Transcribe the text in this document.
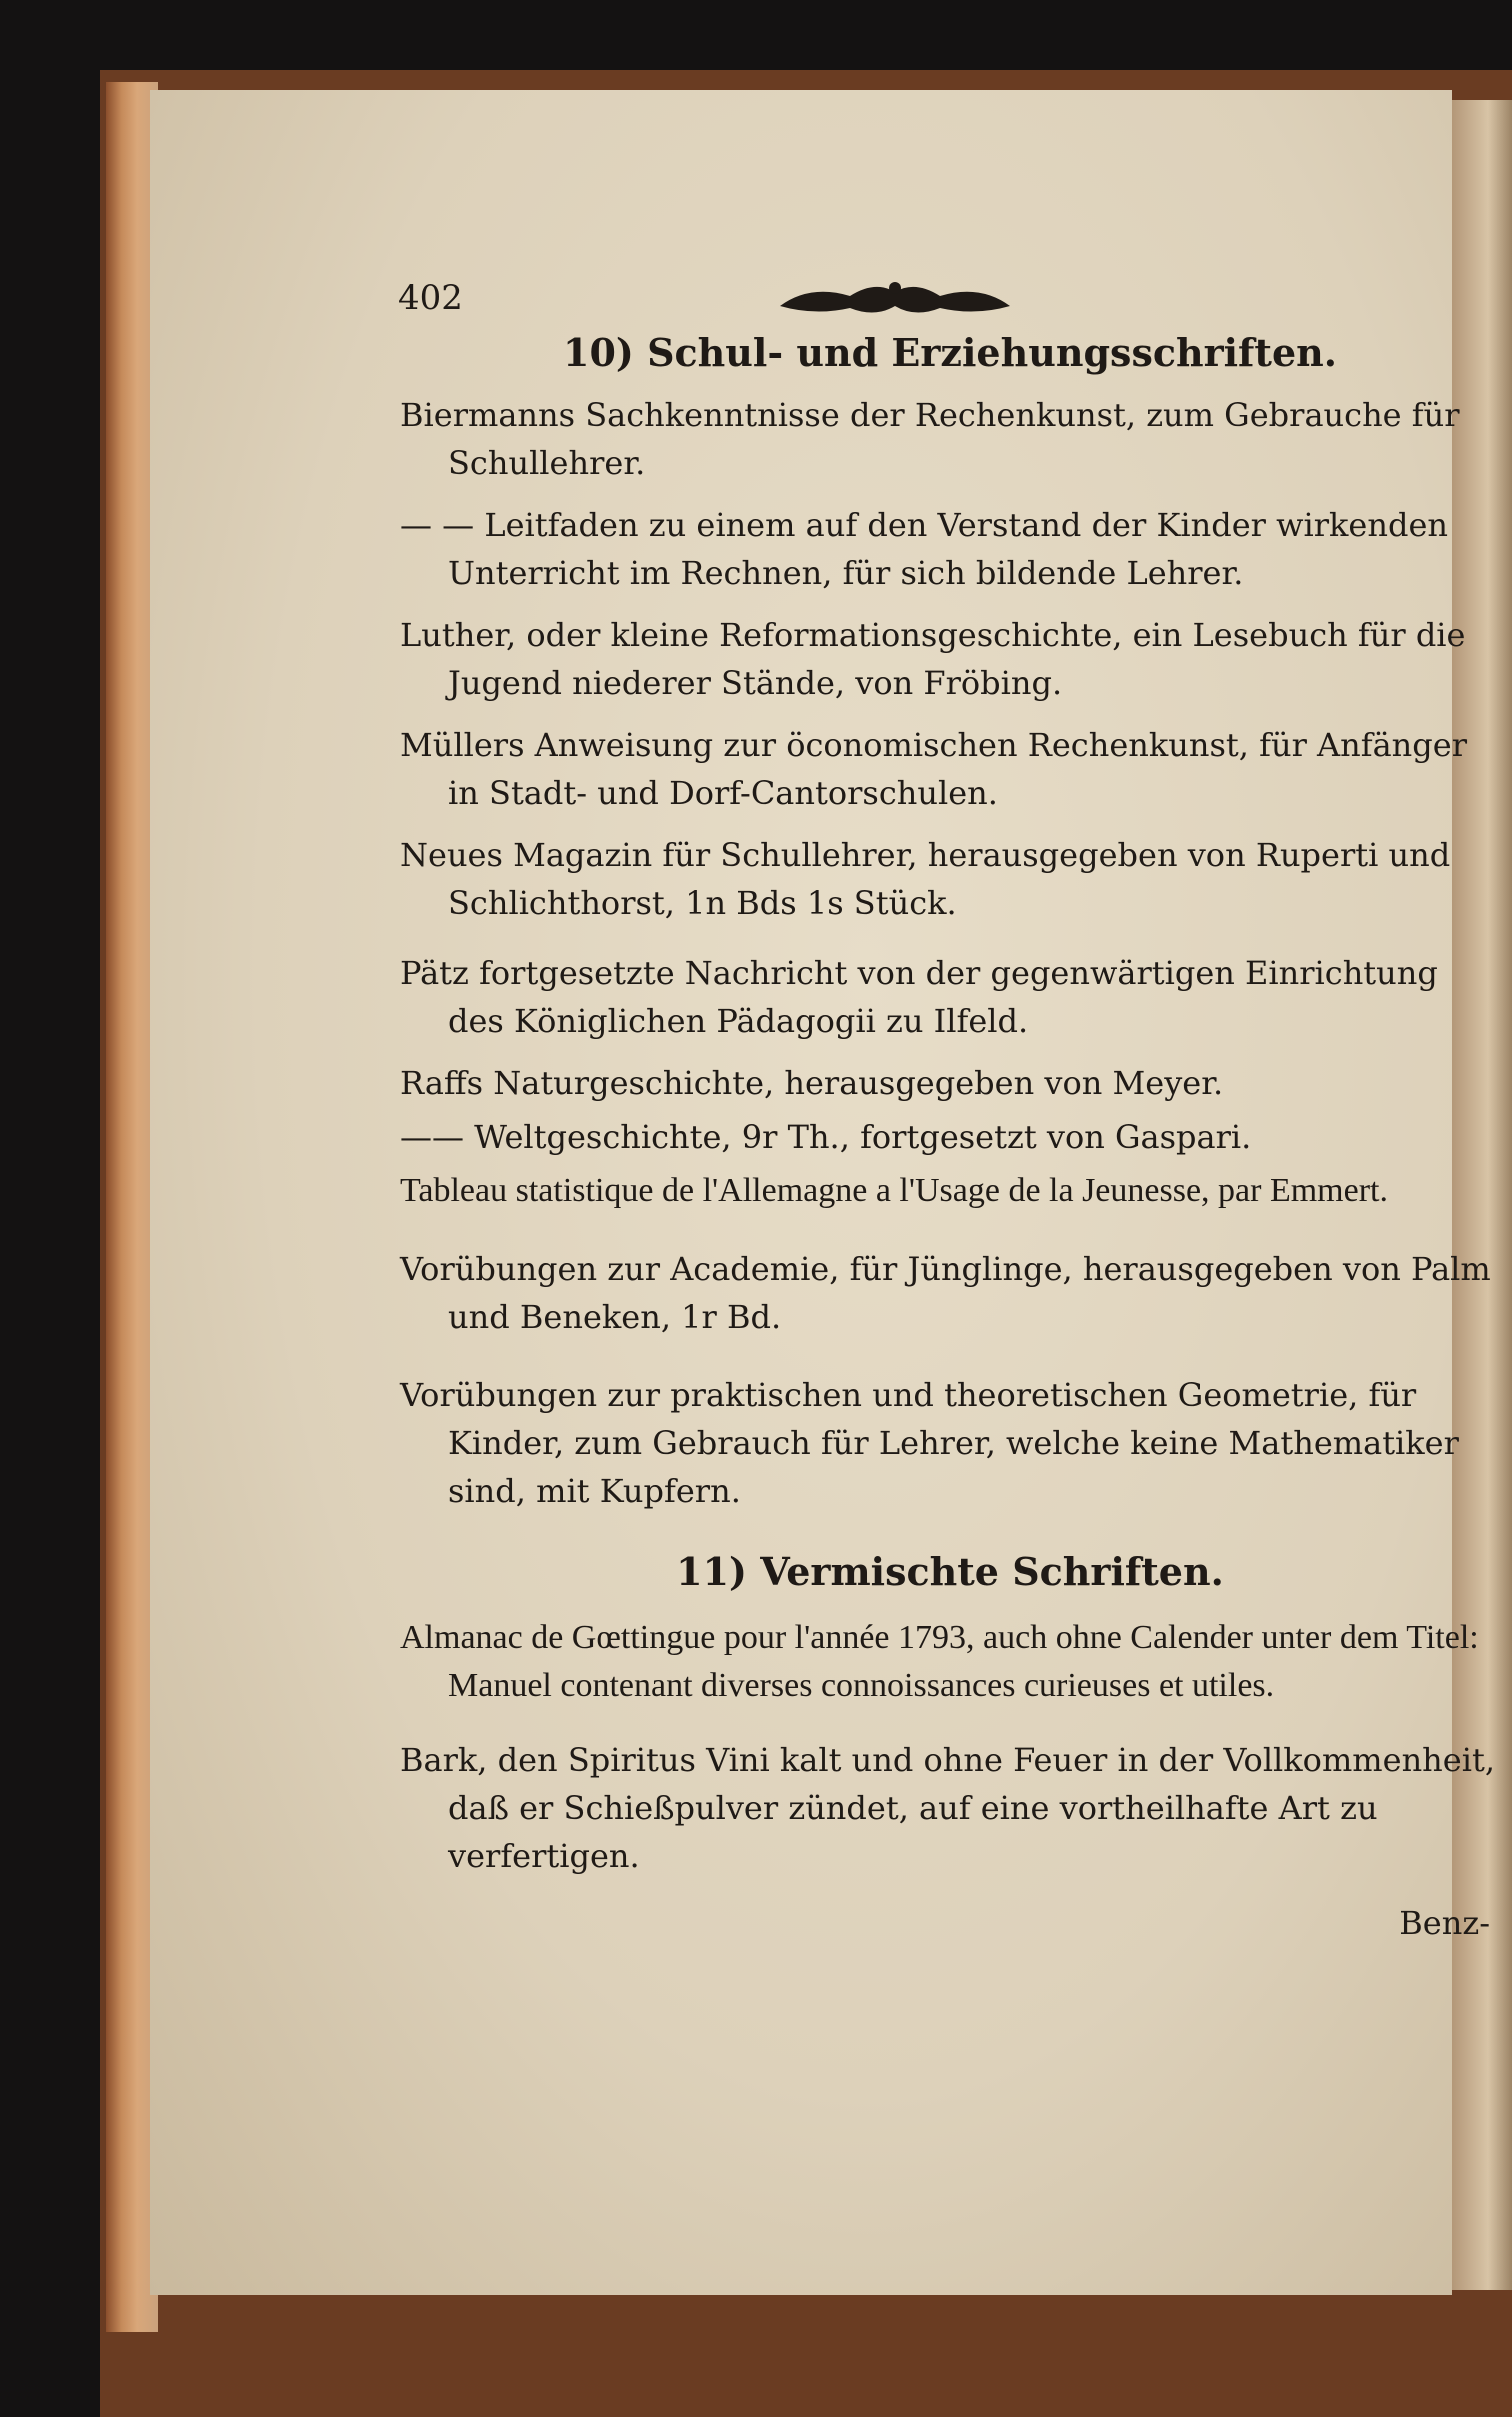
402

10) Schul- und Erziehungsschriften.

Biermanns Sachkenntnisse der Rechenkunst, zum Gebrauche für Schullehrer.

— — Leitfaden zu einem auf den Verstand der Kinder wirkenden Unterricht im Rechnen, für sich bildende Lehrer.

Luther, oder kleine Reformationsgeschichte, ein Lesebuch für die Jugend niederer Stände, von Fröbing.

Müllers Anweisung zur öconomischen Rechenkunst, für Anfänger in Stadt- und Dorf-Cantorschulen.

Neues Magazin für Schullehrer, herausgegeben von Ruperti und Schlichthorst, 1n Bds 1s Stück.

Pätz fortgesetzte Nachricht von der gegenwärtigen Einrichtung des Königlichen Pädagogii zu Ilfeld.

Raffs Naturgeschichte, herausgegeben von Meyer.

—— Weltgeschichte, 9r Th., fortgesetzt von Gaspari.

Tableau statistique de l'Allemagne a l'Usage de la Jeunesse, par Emmert.

Vorübungen zur Academie, für Jünglinge, herausgegeben von Palm und Beneken, 1r Bd.

Vorübungen zur praktischen und theoretischen Geometrie, für Kinder, zum Gebrauch für Lehrer, welche keine Mathematiker sind, mit Kupfern.

11) Vermischte Schriften.

Almanac de Gœttingue pour l'année 1793, auch ohne Calender unter dem Titel: Manuel contenant diverses connoissances curieuses et utiles.

Bark, den Spiritus Vini kalt und ohne Feuer in der Vollkommenheit, daß er Schießpulver zündet, auf eine vortheilhafte Art zu verfertigen.

Benz-
